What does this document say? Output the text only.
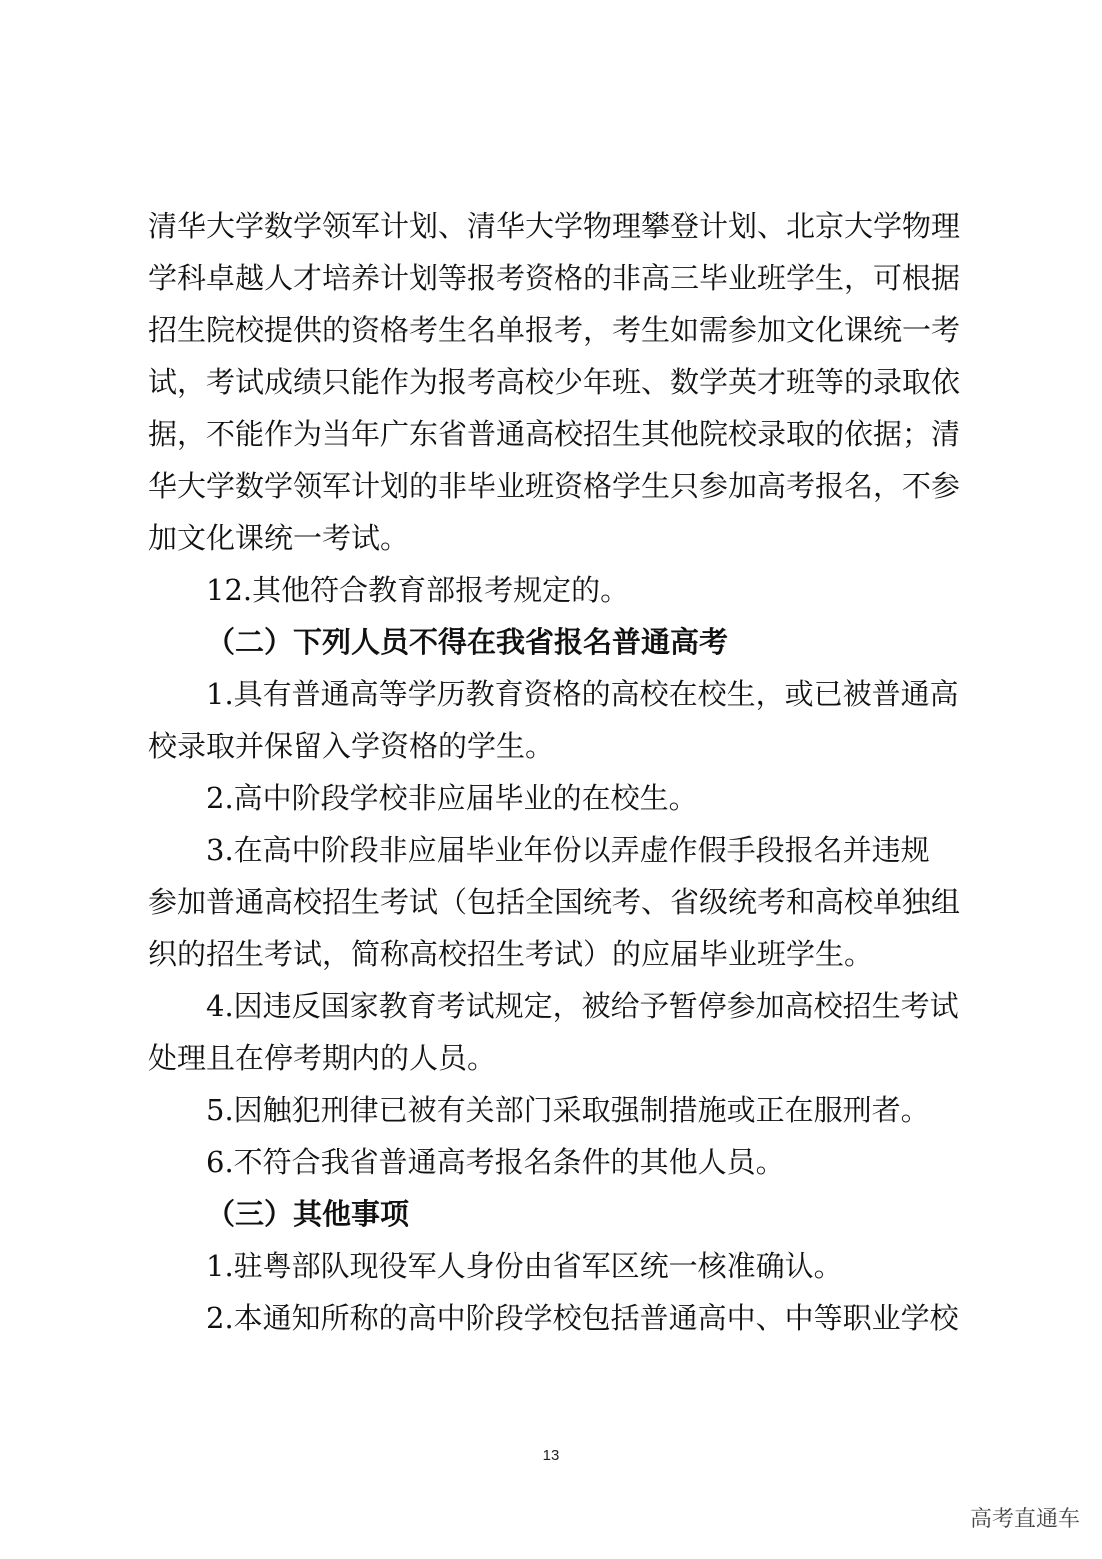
清华大学数学领军计划、清华大学物理攀登计划、北京大学物理
学科卓越人才培养计划等报考资格的非高三毕业班学生，可根据
招生院校提供的资格考生名单报考，考生如需参加文化课统一考
试，考试成绩只能作为报考高校少年班、数学英才班等的录取依
据，不能作为当年广东省普通高校招生其他院校录取的依据；清
华大学数学领军计划的非毕业班资格学生只参加高考报名，不参
加文化课统一考试。
12.其他符合教育部报考规定的。
（二）下列人员不得在我省报名普通高考
1.具有普通高等学历教育资格的高校在校生，或已被普通高
校录取并保留入学资格的学生。
2.高中阶段学校非应届毕业的在校生。
3.在高中阶段非应届毕业年份以弄虚作假手段报名并违规
参加普通高校招生考试（包括全国统考、省级统考和高校单独组
织的招生考试，简称高校招生考试）的应届毕业班学生。
4.因违反国家教育考试规定，被给予暂停参加高校招生考试
处理且在停考期内的人员。
5.因触犯刑律已被有关部门采取强制措施或正在服刑者。
6.不符合我省普通高考报名条件的其他人员。
（三）其他事项
1.驻粤部队现役军人身份由省军区统一核准确认。
2.本通知所称的高中阶段学校包括普通高中、中等职业学校
13
高考直通车
